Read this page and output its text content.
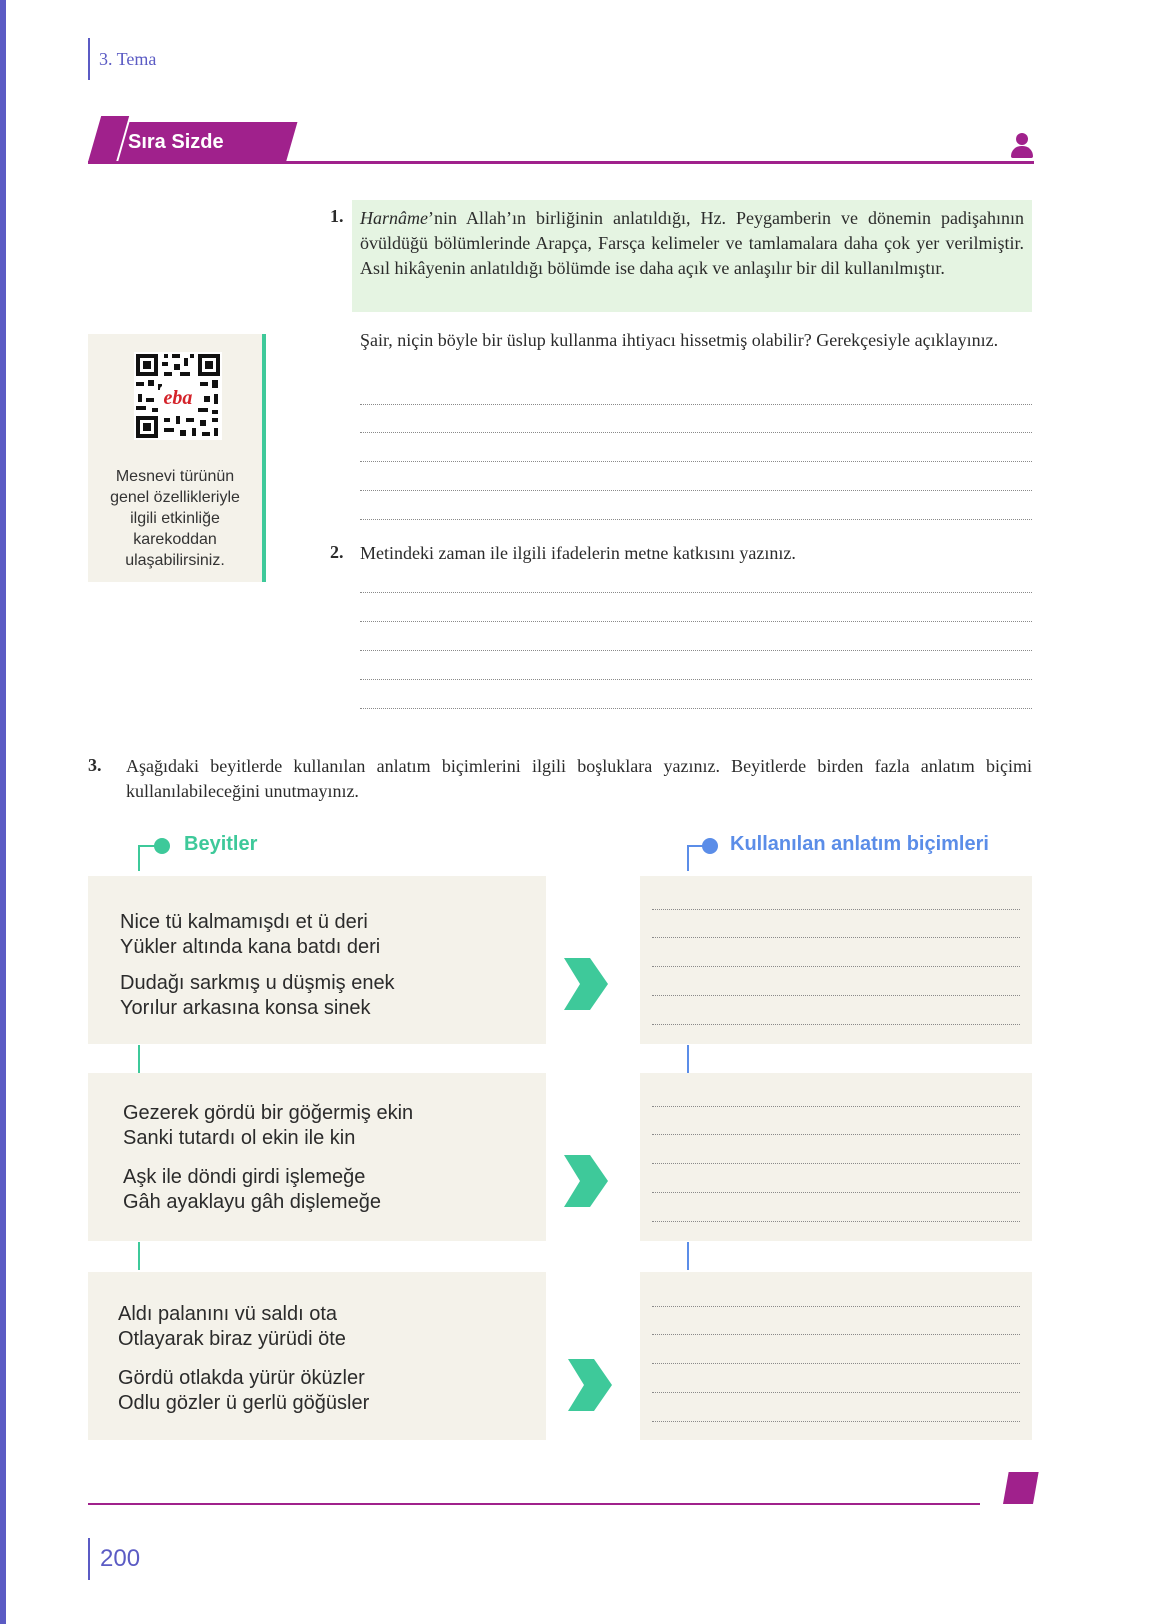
3. Tema
Sıra Sizde
eba
Mesnevi türünün
genel özellikleriyle
ilgili etkinliğe
karekoddan
ulaşabilirsiniz.
1. Harnâme’nin Allah’ın birliğinin anlatıldığı, Hz. Peygamberin ve dönemin padişahının övüldüğü bölümlerinde Arapça, Farsça kelimeler ve tamlamalara daha çok yer verilmiştir. Asıl hikâyenin anlatıldığı bölümde ise daha açık ve anlaşılır bir dil kullanılmıştır.
Şair, niçin böyle bir üslup kullanma ihtiyacı hissetmiş olabilir? Gerekçesiyle açıklayınız.
2. Metindeki zaman ile ilgili ifadelerin metne katkısını yazınız.
3. Aşağıdaki beyitlerde kullanılan anlatım biçimlerini ilgili boşluklara yazınız. Beyitlerde birden fazla anlatım biçimi kullanılabileceğini unutmayınız.
Beyitler	Kullanılan anlatım biçimleri
Nice tü kalmamışdı et ü deri
Yükler altında kana batdı deri
Dudağı sarkmış u düşmiş enek
Yorılur arkasına konsa sinek
Gezerek gördü bir göğermiş ekin
Sanki tutardı ol ekin ile kin
Aşk ile döndi girdi işlemeğe
Gâh ayaklayu gâh dişlemeğe
Aldı palanını vü saldı ota
Otlayarak biraz yürüdi öte
Gördü otlakda yürür öküzler
Odlu gözler ü gerlü göğüsler
200
